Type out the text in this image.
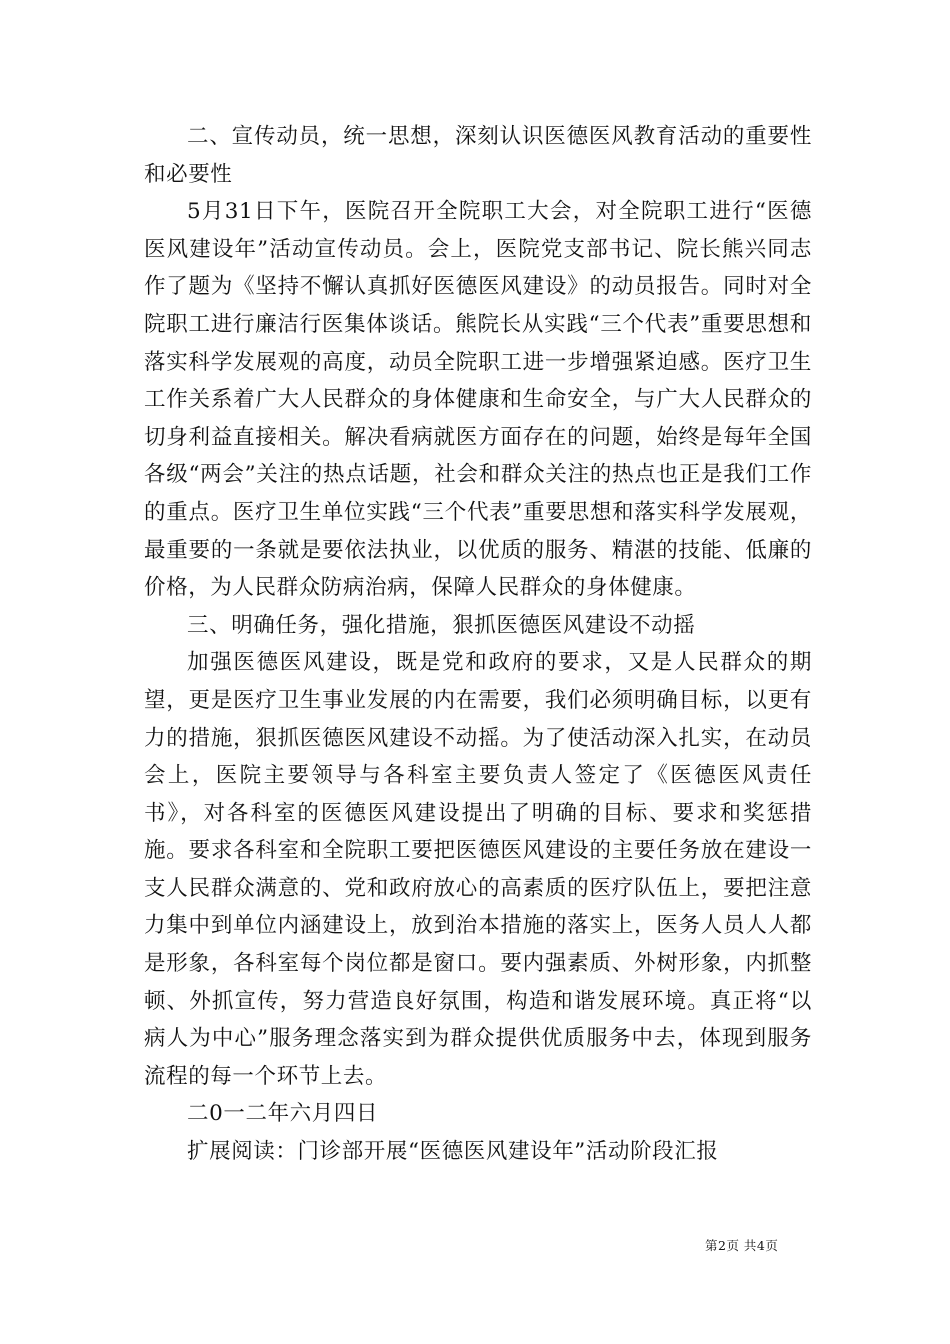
二、宣传动员，统一思想，深刻认识医德医风教育活动的重要性和必要性

5月31日下午，医院召开全院职工大会，对全院职工进行“医德医风建设年”活动宣传动员。会上，医院党支部书记、院长熊兴同志作了题为《坚持不懈认真抓好医德医风建设》的动员报告。同时对全院职工进行廉洁行医集体谈话。熊院长从实践“三个代表”重要思想和落实科学发展观的高度，动员全院职工进一步增强紧迫感。医疗卫生工作关系着广大人民群众的身体健康和生命安全，与广大人民群众的切身利益直接相关。解决看病就医方面存在的问题，始终是每年全国各级“两会”关注的热点话题，社会和群众关注的热点也正是我们工作的重点。医疗卫生单位实践“三个代表”重要思想和落实科学发展观，最重要的一条就是要依法执业，以优质的服务、精湛的技能、低廉的价格，为人民群众防病治病，保障人民群众的身体健康。

三、明确任务，强化措施，狠抓医德医风建设不动摇

加强医德医风建设，既是党和政府的要求，又是人民群众的期望，更是医疗卫生事业发展的内在需要，我们必须明确目标，以更有力的措施，狠抓医德医风建设不动摇。为了使活动深入扎实，在动员会上，医院主要领导与各科室主要负责人签定了《医德医风责任书》，对各科室的医德医风建设提出了明确的目标、要求和奖惩措施。要求各科室和全院职工要把医德医风建设的主要任务放在建设一支人民群众满意的、党和政府放心的高素质的医疗队伍上，要把注意力集中到单位内涵建设上，放到治本措施的落实上，医务人员人人都是形象，各科室每个岗位都是窗口。要内强素质、外树形象，内抓整顿、外抓宣传，努力营造良好氛围，构造和谐发展环境。真正将“以病人为中心”服务理念落实到为群众提供优质服务中去，体现到服务流程的每一个环节上去。

二0一二年六月四日

扩展阅读：门诊部开展“医德医风建设年”活动阶段汇报

第2页 共4页
